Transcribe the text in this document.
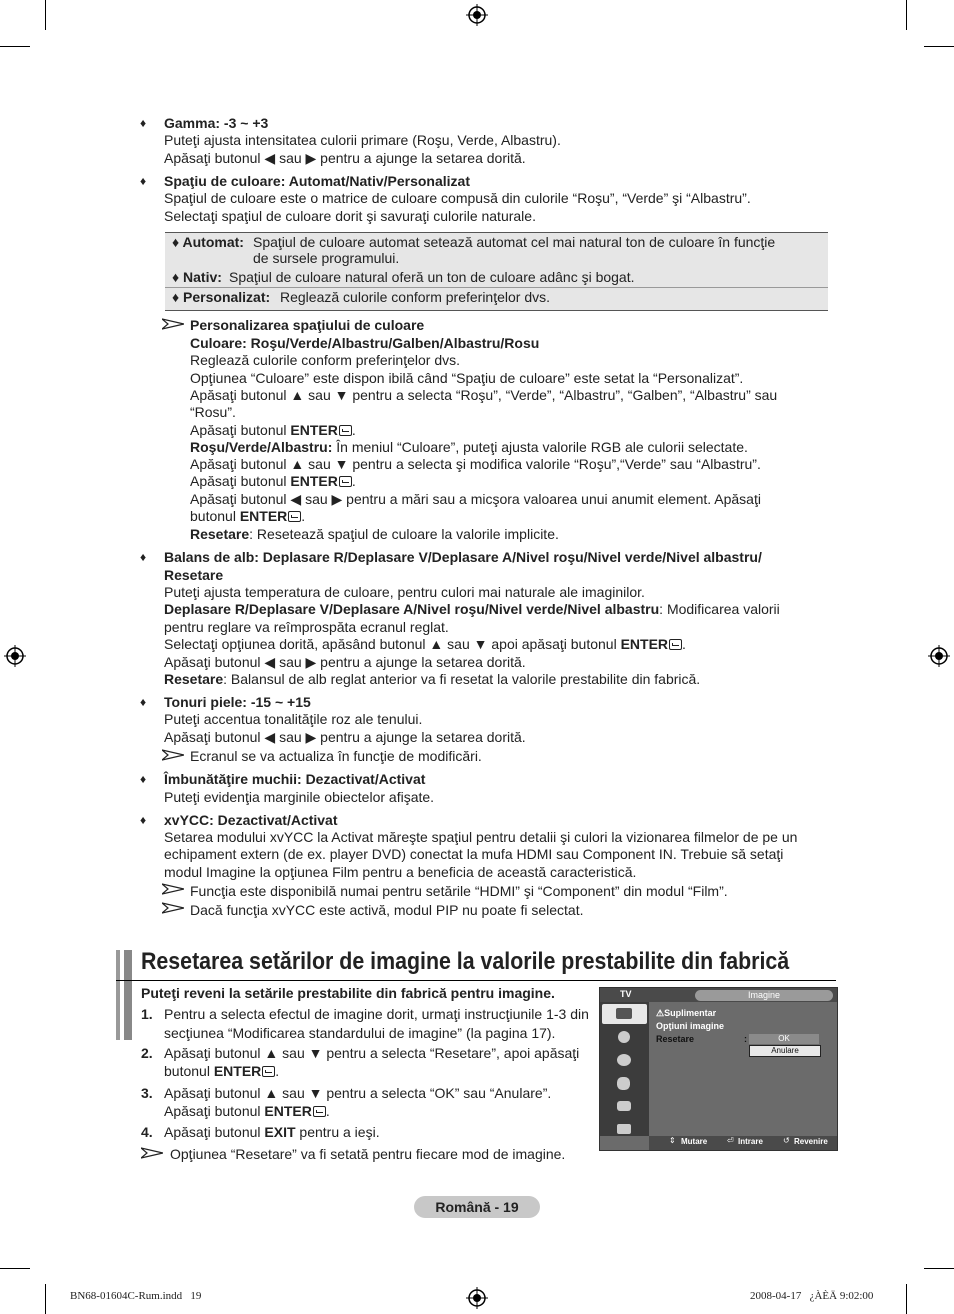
♦ Gamma: -3 ~ +3
Puteţi ajusta intensitatea culorii primare (Roşu, Verde, Albastru).
Apăsaţi butonul ◀ sau ▶ pentru a ajunge la setarea dorită.
♦ Spaţiu de culoare: Automat/Nativ/Personalizat
Spaţiul de culoare este o matrice de culoare compusă din culorile “Roşu”, “Verde” şi “Albastru”.
Selectaţi spaţiul de culoare dorit şi savuraţi culorile naturale.
♦ Automat: Spaţiul de culoare automat setează automat cel mai natural ton de culoare în funcţie
de sursele programului.
♦ Nativ: Spaţiul de culoare natural oferă un ton de culoare adânc şi bogat.
♦ Personalizat: Reglează culorile conform preferinţelor dvs.
Personalizarea spaţiului de culoare
Culoare: Roşu/Verde/Albastru/Galben/Albastru/Rosu
Reglează culorile conform preferinţelor dvs.
Opţiunea “Culoare” este dispon ibilă când “Spaţiu de culoare” este setat la “Personalizat”.
Apăsaţi butonul ▲ sau ▼ pentru a selecta “Roşu”, “Verde”, “Albastru”, “Galben”, “Albastru” sau
“Rosu”.
Apăsaţi butonul ENTER .
Roşu/Verde/Albastru: În meniul “Culoare”, puteţi ajusta valorile RGB ale culorii selectate.
Apăsaţi butonul ▲ sau ▼ pentru a selecta şi modifica valorile “Roşu”,“Verde” sau “Albastru”.
Apăsaţi butonul ENTER .
Apăsaţi butonul ◀ sau ▶ pentru a mări sau a micşora valoarea unui anumit element. Apăsaţi
butonul ENTER .
Resetare: Resetează spaţiul de culoare la valorile implicite.
♦ Balans de alb: Deplasare R/Deplasare V/Deplasare A/Nivel roşu/Nivel verde/Nivel albastru/
Resetare
Puteţi ajusta temperatura de culoare, pentru culori mai naturale ale imaginilor.
Deplasare R/Deplasare V/Deplasare A/Nivel roşu/Nivel verde/Nivel albastru: Modificarea valorii
pentru reglare va reîmprospăta ecranul reglat.
Selectaţi opţiunea dorită, apăsând butonul ▲ sau ▼ apoi apăsaţi butonul ENTER .
Apăsaţi butonul ◀ sau ▶ pentru a ajunge la setarea dorită.
Resetare: Balansul de alb reglat anterior va fi resetat la valorile prestabilite din fabrică.
♦ Tonuri piele: -15 ~ +15
Puteţi accentua tonalităţile roz ale tenului.
Apăsaţi butonul ◀ sau ▶ pentru a ajunge la setarea dorită.
Ecranul se va actualiza în funcţie de modificări.
♦ Îmbunătăţire muchii: Dezactivat/Activat
Puteţi evidenţia marginile obiectelor afişate.
♦ xvYCC: Dezactivat/Activat
Setarea modului xvYCC la Activat măreşte spaţiul pentru detalii şi culori la vizionarea filmelor de pe un
echipament extern (de ex. player DVD) conectat la mufa HDMI sau Component IN. Trebuie să setaţi
modul Imagine la opţiunea Film pentru a beneficia de această caracteristică.
Funcţia este disponibilă numai pentru setările “HDMI” şi “Component” din modul “Film”.
Dacă funcţia xvYCC este activă, modul PIP nu poate fi selectat.
Resetarea setărilor de imagine la valorile prestabilite din fabrică
Puteţi reveni la setările prestabilite din fabrică pentru imagine.
1. Pentru a selecta efectul de imagine dorit, urmaţi instrucţiunile 1-3 din
secţiunea “Modificarea standardului de imagine” (la pagina 17).
2. Apăsaţi butonul ▲ sau ▼ pentru a selecta “Resetare”, apoi apăsaţi
butonul ENTER .
3. Apăsaţi butonul ▲ sau ▼ pentru a selecta “OK” sau “Anulare”.
Apăsaţi butonul ENTER .
4. Apăsaţi butonul EXIT pentru a ieşi.
Opţiunea “Resetare” va fi setată pentru fiecare mod de imagine.
TV	Imagine
⚠Suplimentar
Opţiuni imagine
Resetare	:	OK
Anulare
⇕ Mutare ⏎ Intrare	↺ Revenire
Română - 19
BN68-01604C-Rum.indd   19	2008-04-17   ¿ÀÈÄ 9:02:00
